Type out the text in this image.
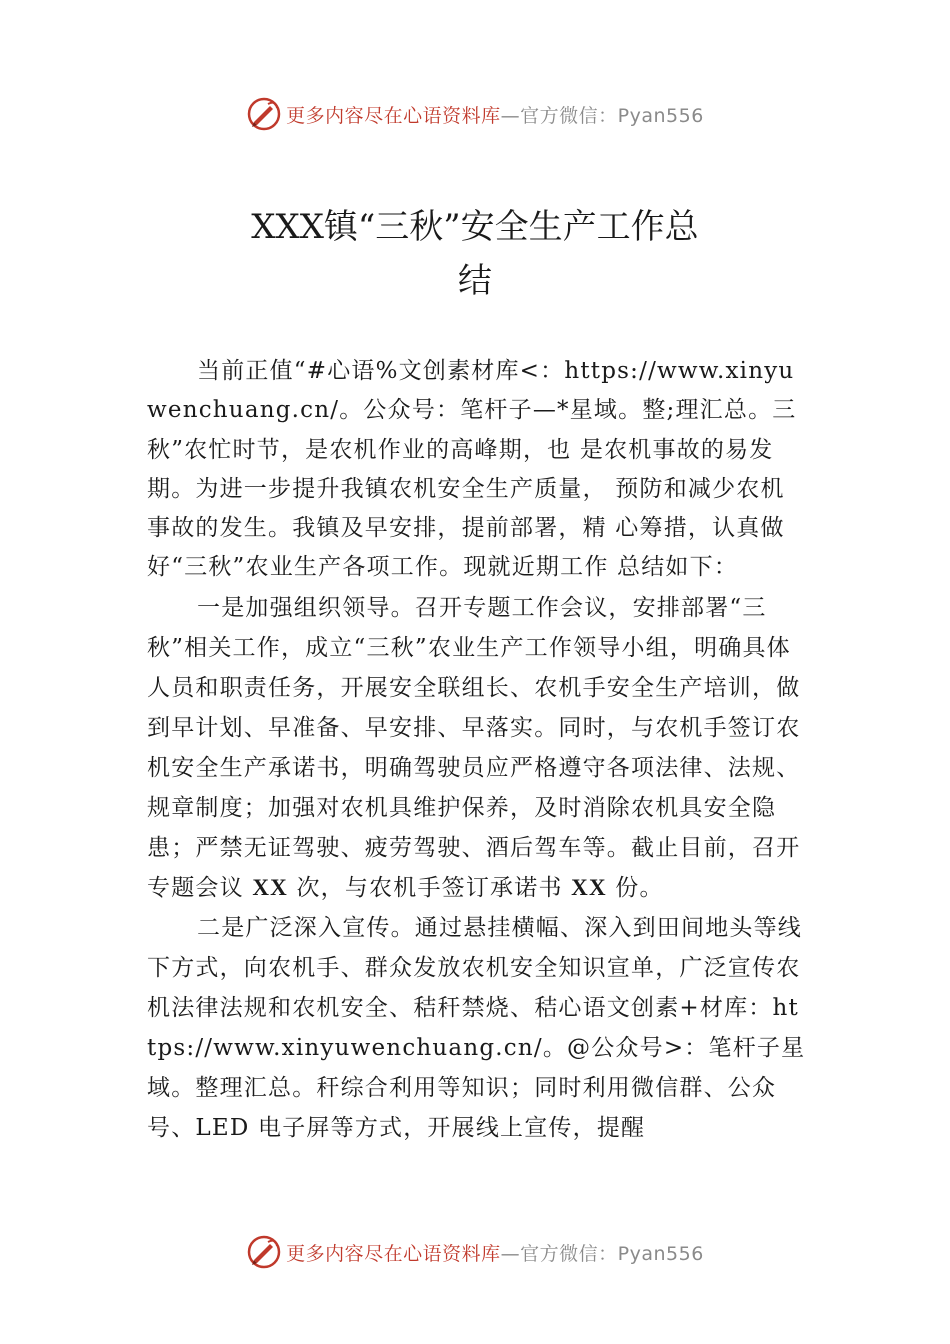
更多内容尽在心语资料库—官方微信：Pyan556
XXX镇“三秋”安全生产工作总
结

当前正值“#心语%文创素材库<：https://www.xinyuwenchuang.cn/。公众号：笔杆子—*星域。整;理汇总。三秋”农忙时节，是农机作业的高峰期，也 是农机事故的易发期。为进一步提升我镇农机安全生产质量， 预防和减少农机事故的发生。我镇及早安排，提前部署，精 心筹措，认真做好“三秋”农业生产各项工作。现就近期工作 总结如下：

一是加强组织领导。召开专题工作会议，安排部署“三秋”相关工作，成立“三秋”农业生产工作领导小组，明确具体人员和职责任务，开展安全联组长、农机手安全生产培训，做到早计划、早准备、早安排、早落实。同时，与农机手签订农机安全生产承诺书，明确驾驶员应严格遵守各项法律、法规、规章制度；加强对农机具维护保养，及时消除农机具安全隐患；严禁无证驾驶、疲劳驾驶、酒后驾车等。截止目前，召开专题会议 XX 次，与农机手签订承诺书 XX 份。

二是广泛深入宣传。通过悬挂横幅、深入到田间地头等线下方式，向农机手、群众发放农机安全知识宣单，广泛宣传农机法律法规和农机安全、秸秆禁烧、秸心语文创素+材库：https://www.xinyuwenchuang.cn/。@公众号>：笔杆子星域。整理汇总。秆综合利用等知识；同时利用微信群、公众号、LED 电子屏等方式，开展线上宣传，提醒

更多内容尽在心语资料库—官方微信：Pyan556
